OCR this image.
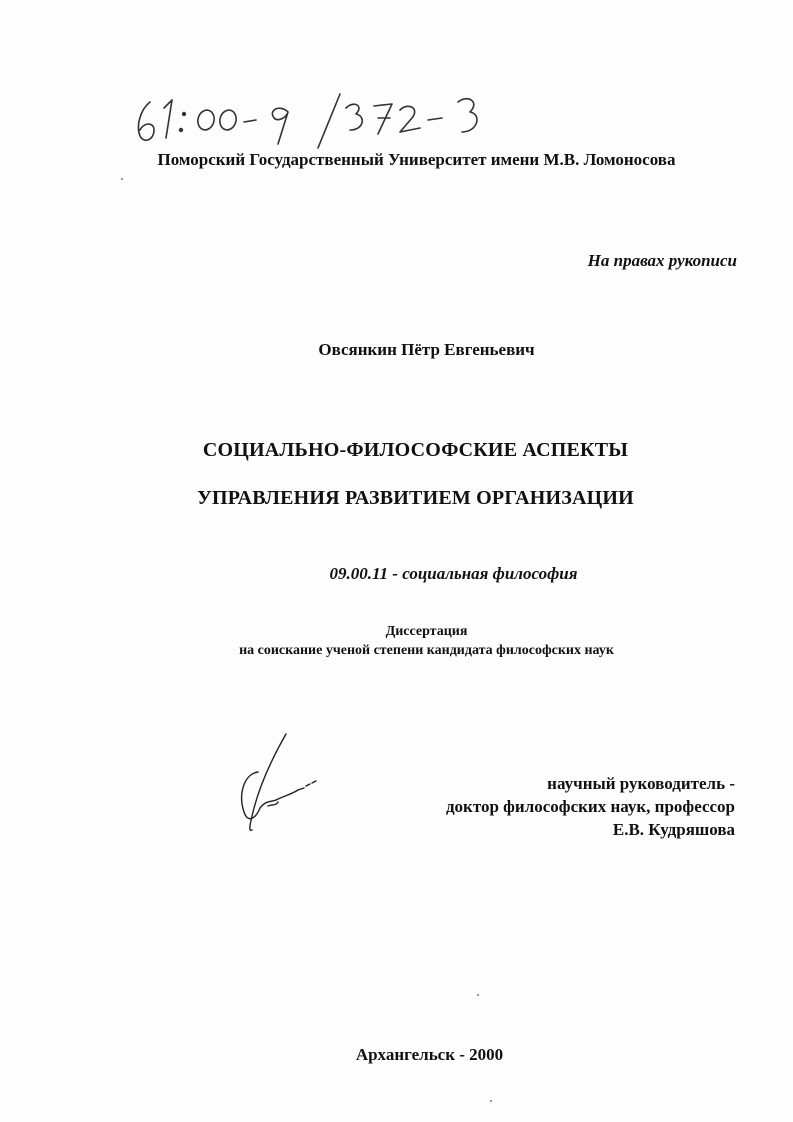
Поморский Государственный Университет имени М.В. Ломоносова
На правах рукописи
Овсянкин Пётр Евгеньевич
СОЦИАЛЬНО-ФИЛОСОФСКИЕ АСПЕКТЫ
УПРАВЛЕНИЯ РАЗВИТИЕМ ОРГАНИЗАЦИИ
09.00.11 - социальная философия
Диссертация
на соискание ученой степени кандидата философских наук
научный руководитель -
доктор философских наук, профессор
Е.В. Кудряшова
Архангельск - 2000
